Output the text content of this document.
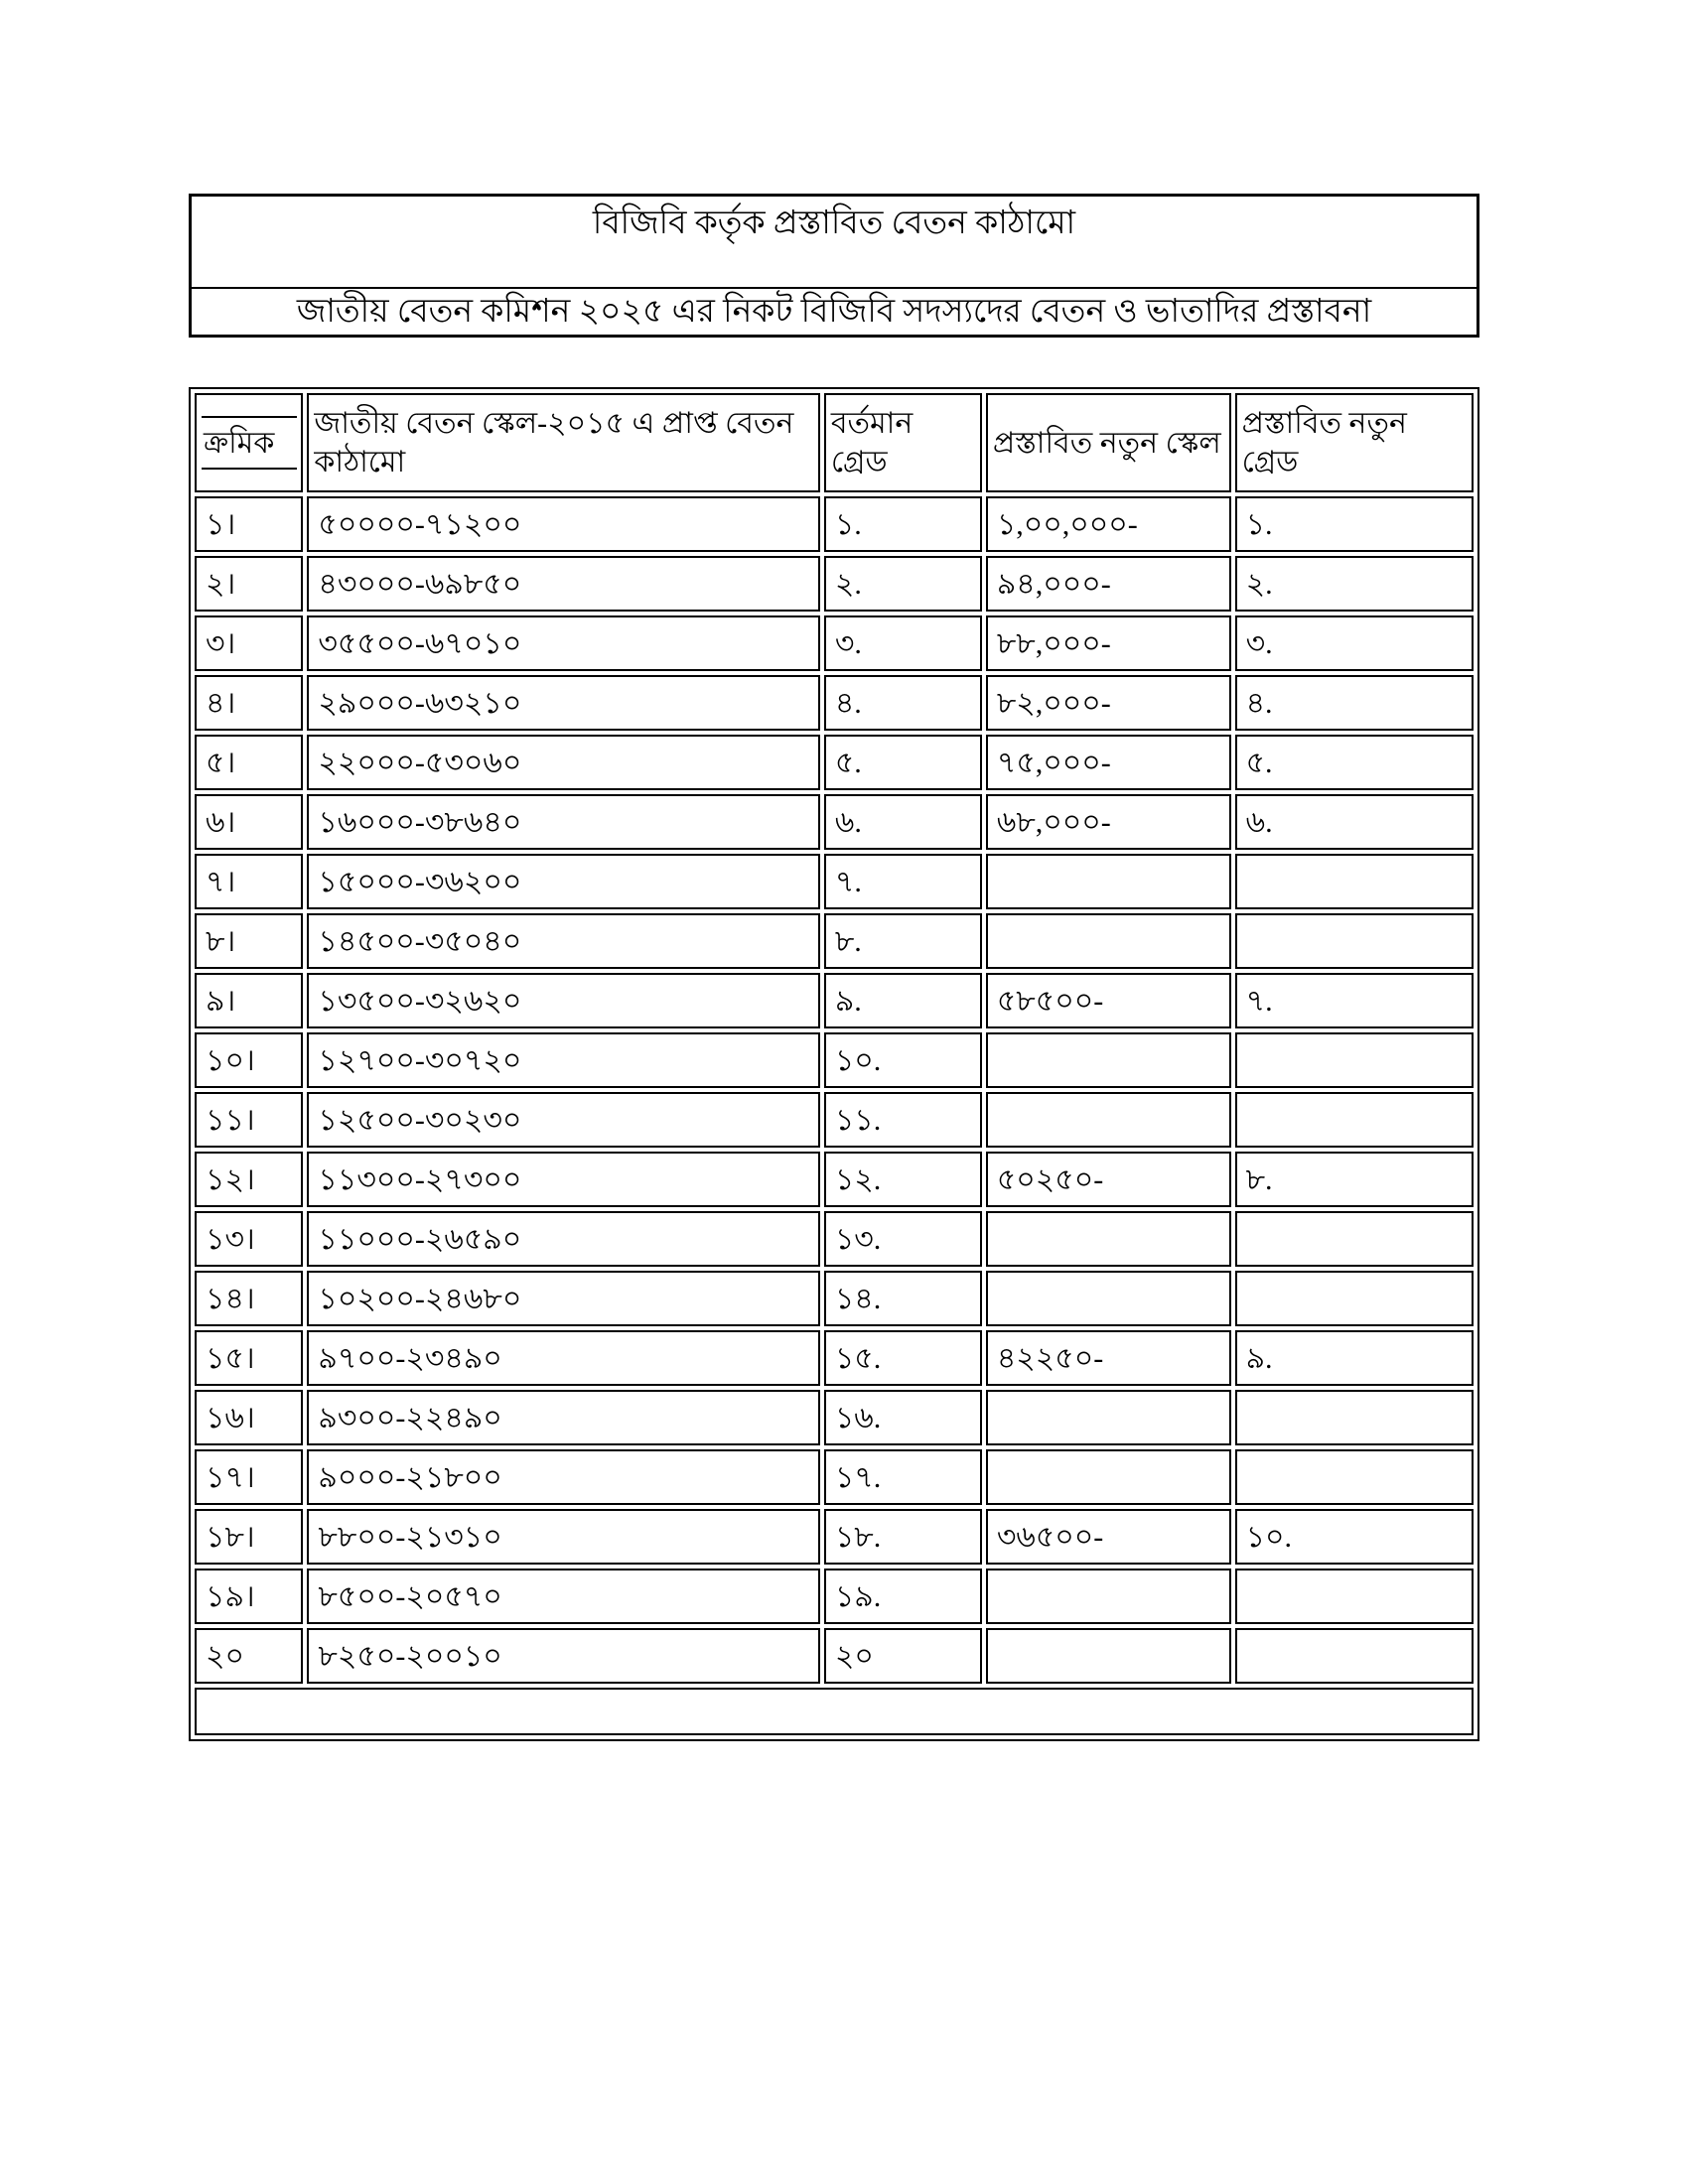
বিজিবি কর্তৃক প্রস্তাবিত বেতন কাঠামো
জাতীয় বেতন কমিশন ২০২৫ এর নিকট বিজিবি সদস্যদের বেতন ও ভাতাদির প্রস্তাবনা
ক্রমিক	জাতীয় বেতন স্কেল-২০১৫ এ প্রাপ্ত বেতন কাঠামো	বর্তমান গ্রেড	প্রস্তাবিত নতুন স্কেল	প্রস্তাবিত নতুন গ্রেড
১।	৫০০০০-৭১২০০	১.	১,০০,০০০-	১.
২।	৪৩০০০-৬৯৮৫০	২.	৯৪,০০০-	২.
৩।	৩৫৫০০-৬৭০১০	৩.	৮৮,০০০-	৩.
৪।	২৯০০০-৬৩২১০	৪.	৮২,০০০-	৪.
৫।	২২০০০-৫৩০৬০	৫.	৭৫,০০০-	৫.
৬।	১৬০০০-৩৮৬৪০	৬.	৬৮,০০০-	৬.
৭।	১৫০০০-৩৬২০০	৭.		
৮।	১৪৫০০-৩৫০৪০	৮.		
৯।	১৩৫০০-৩২৬২০	৯.	৫৮৫০০-	৭.
১০।	১২৭০০-৩০৭২০	১০.		
১১।	১২৫০০-৩০২৩০	১১.		
১২।	১১৩০০-২৭৩০০	১২.	৫০২৫০-	৮.
১৩।	১১০০০-২৬৫৯০	১৩.		
১৪।	১০২০০-২৪৬৮০	১৪.		
১৫।	৯৭০০-২৩৪৯০	১৫.	৪২২৫০-	৯.
১৬।	৯৩০০-২২৪৯০	১৬.		
১৭।	৯০০০-২১৮০০	১৭.		
১৮।	৮৮০০-২১৩১০	১৮.	৩৬৫০০-	১০.
১৯।	৮৫০০-২০৫৭০	১৯.		
২০	৮২৫০-২০০১০	২০		
